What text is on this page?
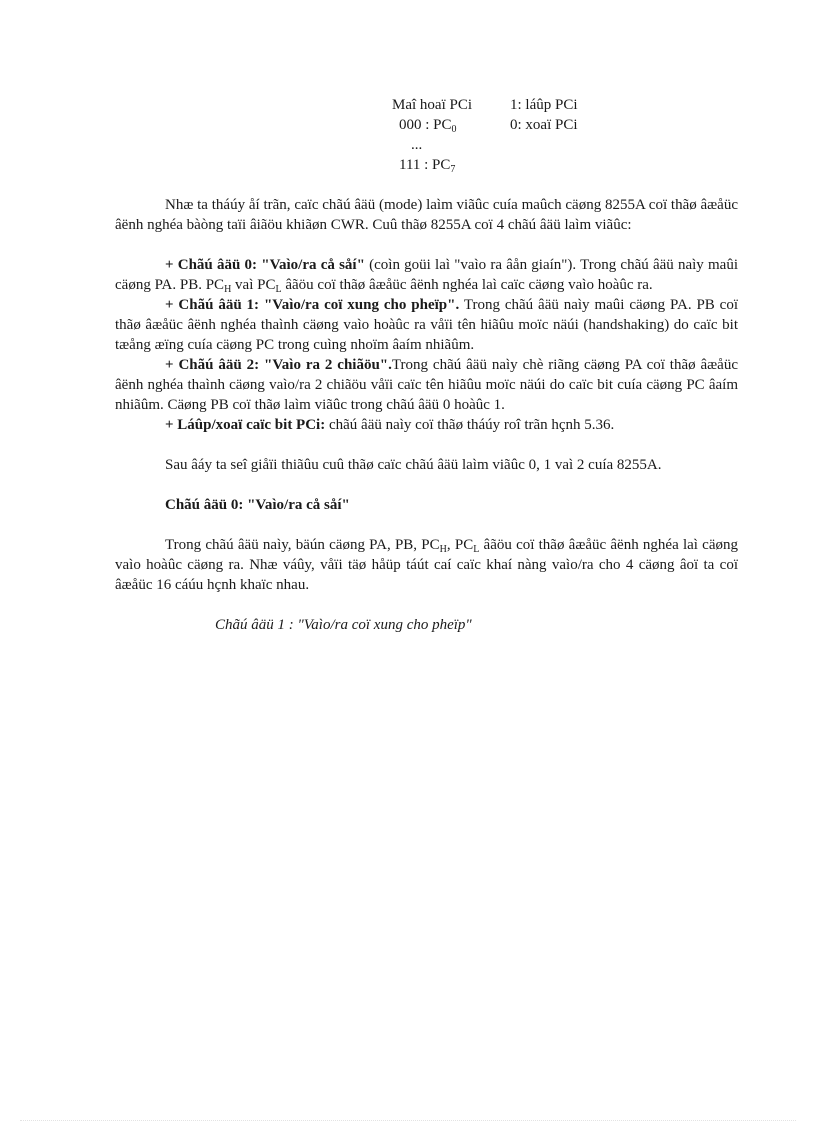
Maî hoaï PCi	1: láûp PCi
000 : $PC_0$	0: xoaï PCi
...
111 : $PC_7$

Nhæ ta tháúy åí trãn, caïc chãú âäü (mode) laìm viãûc cuía maûch cäøng 8255A coï thãø âæåüc âënh nghéa bàòng taïi âiãöu khiãøn CWR. Cuû thãø 8255A coï 4 chãú âäü laìm viãûc:

+ Chãú âäü 0: "Vaìo/ra cå såí" (coìn goüi laì "vaìo ra âån giaín"). Trong chãú âäü naìy maûi cäøng PA. PB. $PC_H$ vaì $PC_L$ âãöu coï thãø âæåüc âënh nghéa laì caïc cäøng vaìo hoàûc ra.

+ Chãú âäü 1: "Vaìo/ra coï xung cho pheïp". Trong chãú âäü naìy maûi cäøng PA. PB coï thãø âæåüc âënh nghéa thaình cäøng vaìo hoàûc ra våïi tên hiãûu moïc näúi (handshaking) do caïc bit tæång æïng cuía cäøng PC trong cuìng nhoïm âaím nhiãûm.

+ Chãú âäü 2: "Vaìo ra 2 chiãöu".Trong chãú âäü naìy chè riãng cäøng PA coï thãø âæåüc âënh nghéa thaình cäøng vaìo/ra 2 chiãöu våïi caïc tên hiãûu moïc näúi do caïc bit cuía cäøng PC âaím nhiãûm. Cäøng PB coï thãø laìm viãûc trong chãú âäü 0 hoàûc 1.

+ Láûp/xoaï caïc bit PCi: chãú âäü naìy coï thãø tháúy roî trãn hçnh 5.36.

Sau âáy ta seî giåïi thiãûu cuû thãø caïc chãú âäü laìm viãûc 0, 1 vaì 2 cuía 8255A.

Chãú âäü 0: "Vaìo/ra cå såí"

Trong chãú âäü naìy, bäún cäøng PA, PB, $PC_H$, $PC_L$ âãöu coï thãø âæåüc âënh nghéa laì cäøng vaìo hoàûc cäøng ra. Nhæ váûy, våïi täø håüp táút caí caïc khaí nàng vaìo/ra cho 4 cäøng âoï ta coï âæåüc 16 cáúu hçnh khaïc nhau.

Chãú âäü 1 : "Vaìo/ra coï xung cho pheïp"
